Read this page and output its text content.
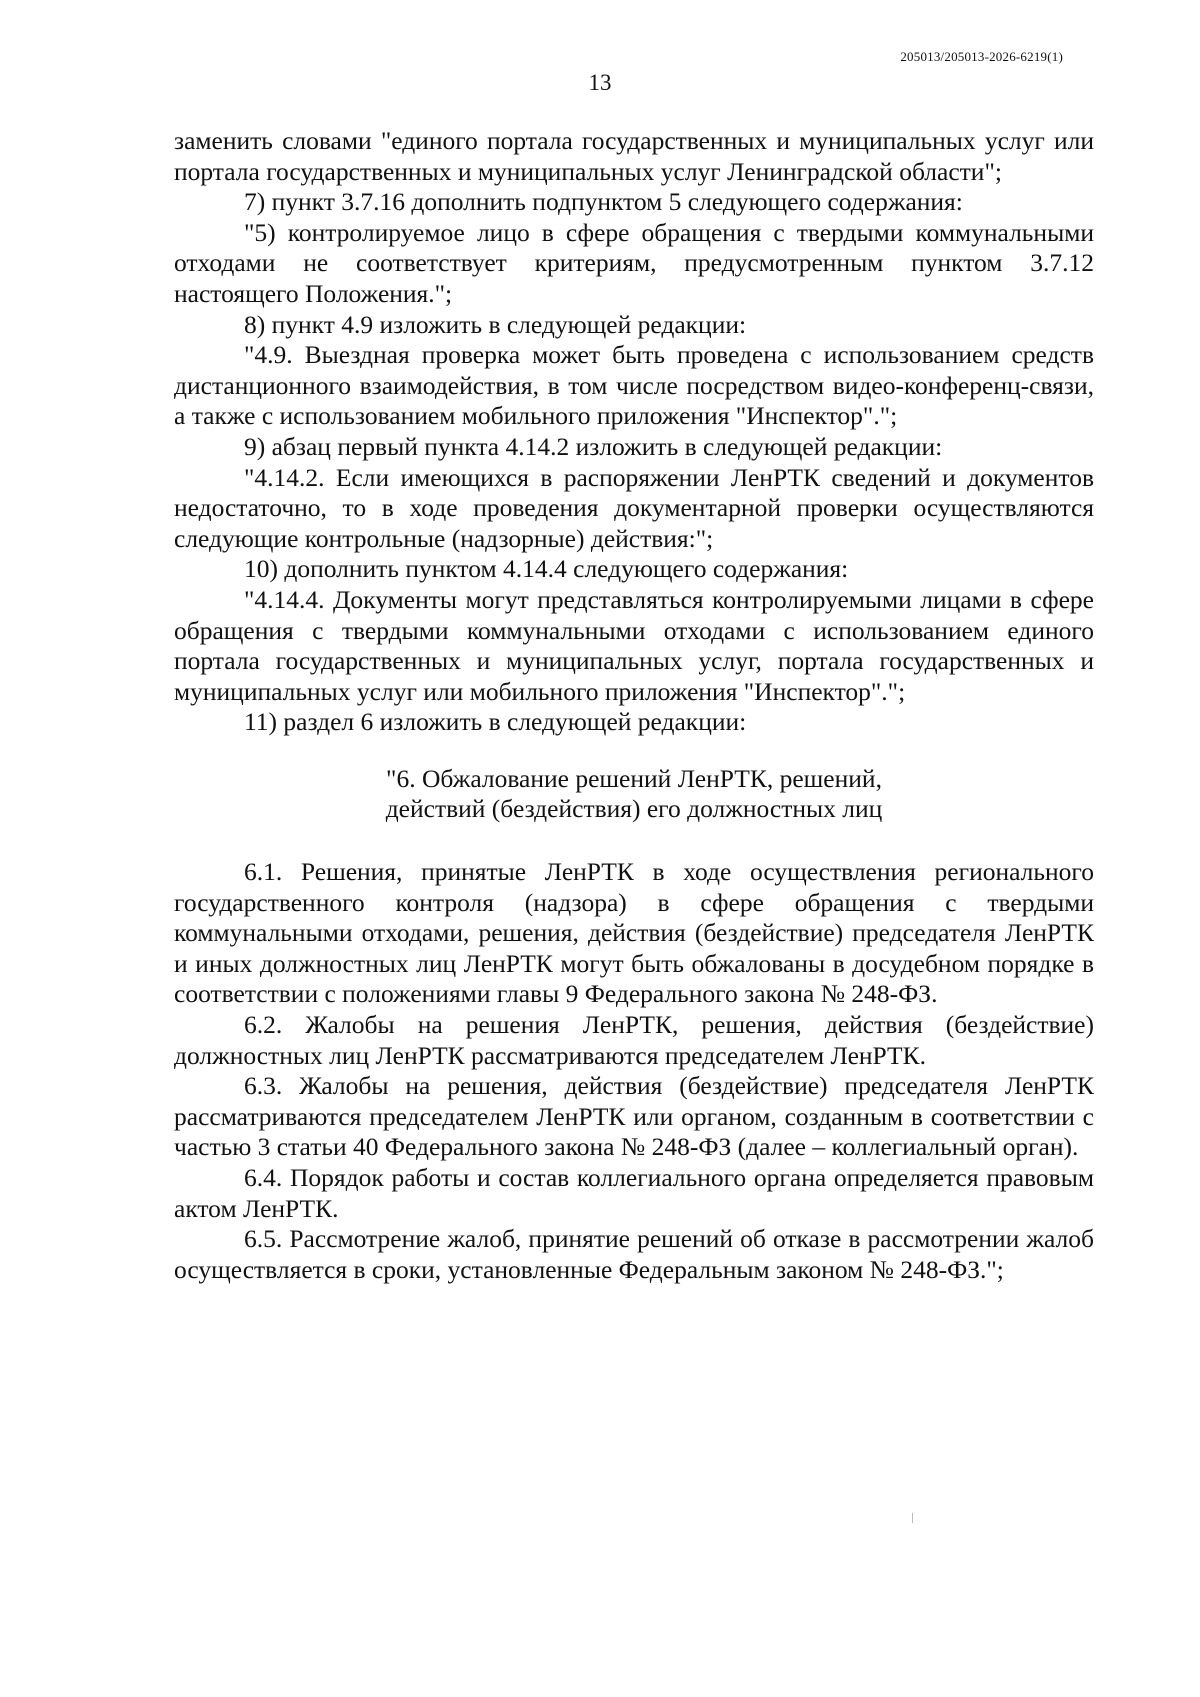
205013/205013-2026-6219(1)
13

заменить словами "единого портала государственных и муниципальных услуг или портала государственных и муниципальных услуг Ленинградской области";

7) пункт 3.7.16 дополнить подпунктом 5 следующего содержания:

"5) контролируемое лицо в сфере обращения с твердыми коммунальными отходами не соответствует критериям, предусмотренным пунктом 3.7.12 настоящего Положения.";

8) пункт 4.9 изложить в следующей редакции:

"4.9. Выездная проверка может быть проведена с использованием средств дистанционного взаимодействия, в том числе посредством видео-конференц-связи, а также с использованием мобильного приложения "Инспектор".";

9) абзац первый пункта 4.14.2 изложить в следующей редакции:

"4.14.2. Если имеющихся в распоряжении ЛенРТК сведений и документов недостаточно, то в ходе проведения документарной проверки осуществляются следующие контрольные (надзорные) действия:";

10) дополнить пунктом 4.14.4 следующего содержания:

"4.14.4. Документы могут представляться контролируемыми лицами в сфере обращения с твердыми коммунальными отходами с использованием единого портала государственных и муниципальных услуг, портала государственных и муниципальных услуг или мобильного приложения "Инспектор".";

11) раздел 6 изложить в следующей редакции:

"6. Обжалование решений ЛенРТК, решений,
действий (бездействия) его должностных лиц

6.1. Решения, принятые ЛенРТК в ходе осуществления регионального государственного контроля (надзора) в сфере обращения с твердыми коммунальными отходами, решения, действия (бездействие) председателя ЛенРТК и иных должностных лиц ЛенРТК могут быть обжалованы в досудебном порядке в соответствии с положениями главы 9 Федерального закона № 248-ФЗ.

6.2. Жалобы на решения ЛенРТК, решения, действия (бездействие) должностных лиц ЛенРТК рассматриваются председателем ЛенРТК.

6.3. Жалобы на решения, действия (бездействие) председателя ЛенРТК рассматриваются председателем ЛенРТК или органом, созданным в соответствии с частью 3 статьи 40 Федерального закона № 248-ФЗ (далее – коллегиальный орган).

6.4. Порядок работы и состав коллегиального органа определяется правовым актом ЛенРТК.

6.5. Рассмотрение жалоб, принятие решений об отказе в рассмотрении жалоб осуществляется в сроки, установленные Федеральным законом № 248-ФЗ.";
